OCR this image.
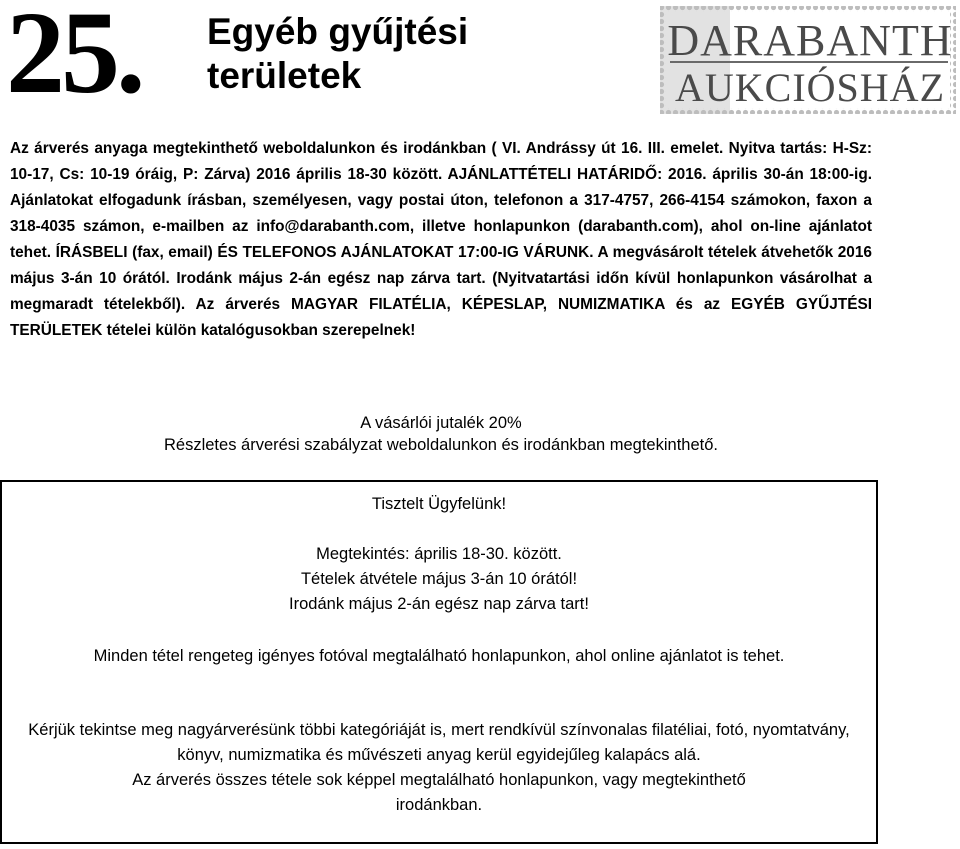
25. Egyéb gyűjtési
területek
DARABANTH
AUKCIÓSHÁZ
Az árverés anyaga megtekinthető weboldalunkon és irodánkban ( VI. Andrássy út 16. III. emelet. Nyitva tartás: H-Sz: 10-17, Cs: 10-19 óráig, P: Zárva) 2016 április 18-30 között. AJÁNLATTÉTELI HATÁRIDŐ: 2016. április 30-án 18:00-ig. Ajánlatokat elfogadunk írásban, személyesen, vagy postai úton, telefonon a 317-4757, 266-4154 számokon, faxon a 318-4035 számon, e-mailben az info@darabanth.com, illetve honlapunkon (darabanth.com), ahol on-line ajánlatot tehet. ÍRÁSBELI (fax, email) ÉS TELEFONOS AJÁNLATOKAT 17:00-IG VÁRUNK. A megvásárolt tételek átvehetők 2016 május 3-án 10 órától. Irodánk május 2-án egész nap zárva tart. (Nyitvatartási időn kívül honlapunkon vásárolhat a megmaradt tételekből). Az árverés MAGYAR FILATÉLIA, KÉPESLAP, NUMIZMATIKA és az EGYÉB GYŰJTÉSI TERÜLETEK tételei külön katalógusokban szerepelnek!
A vásárlói jutalék 20%
Részletes árverési szabályzat weboldalunkon és irodánkban megtekinthető.

Tisztelt Ügyfelünk!

Megtekintés: április 18-30. között.

Tételek átvétele május 3-án 10 órától!

Irodánk május 2-án egész nap zárva tart!

Minden tétel rengeteg igényes fotóval megtalálható honlapunkon, ahol online ajánlatot is tehet.

Kérjük tekintse meg nagyárverésünk többi kategóriáját is, mert rendkívül színvonalas filatéliai, fotó, nyomtatvány, könyv, numizmatika és művészeti anyag kerül egyidejűleg kalapács alá.

Az árverés összes tétele sok képpel megtalálható honlapunkon, vagy megtekinthető irodánkban.
